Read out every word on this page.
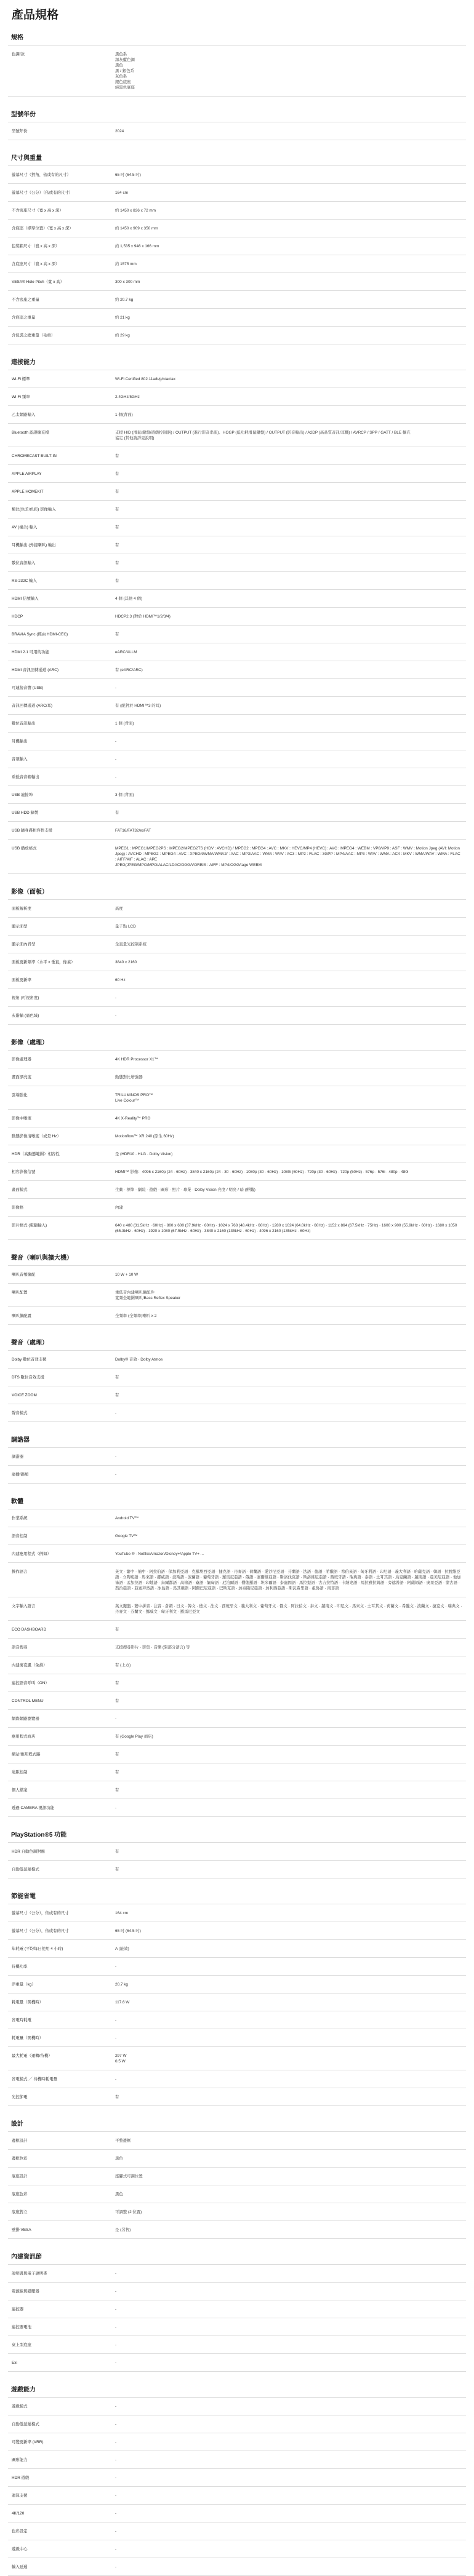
產品規格
規格
色調/款	黑色系
深灰藍色調
黑色
黑 / 銀色系
灰色系
銀色底座
純黑色底座
型號年份
型號年份	2024
尺寸與重量
螢幕尺寸（對角，依或有的尺寸）	65 吋 (64.5 吋)

螢幕尺寸（公分）（依或有的尺寸）	164 cm

不含底座尺寸（寬 x 高 x 深）	約 1450 x 836 x 72 mm

含底座（標準位置）（寬 x 高 x 深）	約 1450 x 909 x 350 mm

包裝箱尺寸（寬 x 高 x 深）	約 1,535 x 946 x 166 mm

含底座尺寸（寬 x 高 x 深）	約 1575 mm

VESA® Hole Pitch（寬 x 高）	300 x 300 mm

不含底座之重量	約 20.7 kg

含底座之重量	約 21 kg

含包裝之總重量（毛重）	約 29 kg
連接能力
Wi-Fi 標準	Wi-Fi Certified 802.11a/b/g/n/ac/ax

Wi-Fi 頻率	2.4GHz/5GHz

乙太網路輸入	1 個(背面)

Bluetooth 認證擴充檔	支援 HID (滑鼠/鍵盤/遊戲控制器) / OUTPUT (進行影音串流)、HOGP (低功耗滑鼠鍵盤) / OUTPUT (影音輸出) / A2DP (高品質音訊/耳機) / AVRCP / SPP / GATT / BLE 擴充
協定 (其他請詳見說明)

CHROMECAST BUILT-IN	有

APPLE AIRPLAY	有

APPLE HOMEKIT	有

類比(色差/色彩) 影像輸入	有

AV (複合) 輸入	有

耳機輸出 (外接喇叭) 輸出	有

數位音訊輸入	有

RS-232C 輸入	有

HDMI 信號輸入	4 個 (其他 4 個)

HDCP	HDCP2.3 (對於 HDMI™1/2/3/4)

BRAVIA Sync (經由 HDMI-CEC)	有

HDMI 2.1 可用的功能	eARC/ALLM

HDMI 音訊回傳通道 (ARC)	有 (eARC/ARC)

可連接音響 (USB)	-

音訊回傳通道 (ARC/耳)	有 (配對於 HDMI™3 的耳)

數位音訊輸出	1 個 (背面)

耳機輸出	-

音頻輸入	-

重低音音箱輸出	-

USB 連接埠	3 個 (背面)

USB HDD 錄製	有

USB 隨身碟相容性支援	FAT16/FAT32/exFAT

USB 播放格式	MPEG1 : MPEG1/MPEG2PS : MPEG2/MPEG2TS (HDV : AVCHD) / MPEG2 : MPEG4 : AVC : MKV : HEVC/MP4 (HEVC) : AVC : MPEG4 : WEBM : VP8/VP9 : ASF : WMV : Motion Jpeg (AVI: Motion Jpeg) : AVCHD : MPEG2 : MPEG4 : AVC : XPEG4/WMA/WMA2/ : AAC : MP3/AAC : WMA : WAV : AC3 : MP2 : FLAC : 3GPP : MP4/AAC : MP3 : WAV : WMA : AC4 : MKV : WMA/WAV : WMA : FLAC : AIFF/AIF : ALAC : APE
JPEG(JPEG/MPO/MPO/ALAC/LDAC/OGG/VORBIS : AIFF : MP4/OGG/tage WEBM
影像（面板）
面板解析度	高度

顯示面型	量子點 LCD

顯示面內背型	全直量光控制系統

面板更新頻率（水平 x 垂直，像素）	3840 x 2160

面板更新率	60 Hz

視角 (可視角度)	-

灰階輸 (廣色域)	-
影像（處理）
影像處理器	4K HDR Processor X1™

畫面漂亮度	動態對比增強器

雲端強化	TRILUMINOS PRO™
Live Colour™

影像中晰度	4K X-Reality™ PRO

動態影像清晰度（或是 Hz）	Motionflow™ XR 240 (原生 60Hz)

HDR（高動態範圍）相容性	是 (HDR10 · HLG · Dolby Vision)

相容影像信號	HDMI™ 影像：4096 x 2160p (24 · 60Hz) · 3840 x 2160p (24 · 30 · 60Hz) · 1080p (30 · 60Hz) · 1080i (60Hz) · 720p (30 · 60Hz) · 720p (50Hz) · 576p · 576i · 480p · 480i

畫面模式	生動 · 標準 · 劇院 · 遊戲 · 圖形 · 照片 · 專業 · Dolby Vision 亮度 / 明亮 / 暗 (鮮豔)

影像格	內建

影片格式 (電腦輸入)	640 x 480 (31.5kHz · 60Hz) · 800 x 600 (37.9kHz · 60Hz) · 1024 x 768 (48.4kHz · 60Hz) · 1280 x 1024 (64.0kHz · 60Hz) · 1152 x 864 (67.5kHz · 75Hz) · 1600 x 900 (55.9kHz · 60Hz) · 1680 x 1050 (65.3kHz · 60Hz) · 1920 x 1080 (67.5kHz · 60Hz) · 3840 x 2160 (135kHz · 60Hz) · 4096 x 2160 (135kHz · 60Hz)
聲音（喇叭與擴大機）
喇叭音頻擴配	10 W + 10 W

喇叭配置	重低音內建喇叭擴配件
寬頻全範圍喇叭/Bass Reflex Speaker

喇叭擴配置	全頻率 (全頻率)喇叭 x 2
聲音（處理）
Dolby 數位音效支援	Dolby® 音效 · Dolby Atmos

DTS 數位音效支援	有

VOICE ZOOM	有

聲音模式	-
調諧器
調諧器	-

廣播/碼頻	-
軟體
作業系統	Android TV™

語音控制	Google TV™

內建應用程式（例如）	YouTube ® · Netflix/Amazon/Disney+/Apple TV+ ...

操作語言	英文 · 繁中 · 簡中 · 阿拉伯語 · 保加利亞語 · 克羅埃西亞語 · 捷克語 · 丹麥語 · 荷蘭語 · 愛沙尼亞語 · 芬蘭語 · 法語 · 德語 · 希臘語 · 希伯來語 · 匈牙利語 · 印尼語 · 義大利語 · 哈薩克語 · 韓語 · 拉脫維亞語 · 立陶宛語 · 馬來語 · 挪威語 · 波斯語 · 波蘭語 · 葡萄牙語 · 羅馬尼亞語 · 俄語 · 塞爾維亞語 · 斯洛伐克語 · 斯洛維尼亞語 · 西班牙語 · 瑞典語 · 泰語 · 土耳其語 · 烏克蘭語 · 越南語 · 亞美尼亞語 · 他加祿語 · 孟加拉語 · 印地語 · 烏爾都語 · 高棉語 · 寮語 · 緬甸語 · 尼泊爾語 · 僧伽羅語 · 坦米爾語 · 泰盧固語 · 馬拉提語 · 古吉拉特語 · 卡納達語 · 馬拉雅拉姆語 · 旁遮普語 · 阿薩姆語 · 奧里亞語 · 蒙古語 · 喬治亞語 · 亞塞拜然語 · 冰島語 · 馬其頓語 · 阿爾巴尼亞語 · 巴斯克語 · 加泰隆尼亞語 · 加利西亞語 · 斯瓦希里語 · 祖魯語 · 南非語

文字輸入語言	英文鍵盤 · 繁中拼音 · 注音 · 倉頡 · 日文 · 韓文 · 德文 · 法文 · 西班牙文 · 義大利文 · 葡萄牙文 · 俄文 · 阿拉伯文 · 泰文 · 越南文 · 印尼文 · 馬來文 · 土耳其文 · 荷蘭文 · 希臘文 · 波蘭文 · 捷克文 · 瑞典文 · 丹麥文 · 芬蘭文 · 挪威文 · 匈牙利文 · 羅馬尼亞文

ECO DASHBOARD	有

語音搜尋	支援搜尋影片 · 影集 · 音樂 (限部分語言) 等

內建麥克風（免持）	有 (上方)

遙控語音呼叫（ON）	有

CONTROL MENU	有

網際網路瀏覽器	-

應用程式商店	有 (Google Play 商店)

網站/應用程式路	有

遠距控制	有

個人檔案	有

透過 CAMERA 視訊功能	-
PlayStation®5 功能
HDR 自動色調對應	有

自動低延遲模式	有
節能省電
螢幕尺寸（公分），依或有的尺寸	164 cm

螢幕尺寸（公分），依或有的尺寸	65 吋 (64.5 吋)

年耗電 (平均每日使用 4 小時)	A (能效)

待機功率	-

淨重量（kg）	20.7 kg

耗電量（開機時）	117.6 W

省電時耗電	-

耗電量（開機時）	-

最大耗電（運轉/待機）	297 W
0.5 W

省電模式 ／ 待機時耗電量	-

光控節電	有
設計
邊框設計	平整邊框

邊框色彩	黑色

底座設計	座腳式可調位置

底座色彩	黑色

底座對立	可調整 (2 位置)

壁掛 VESA	是 (另售)
內建資訊節
說明書與電子說明書	-

電源線與變壓器	-

遙控器	-

遙控器電池	-

桌上型底座	-

Exi	-
遊戲能力
遊戲模式	-

自動低延遲模式	-

可變更新率 (VRR)	-

圖形能力	-

HDR 遊戲	-

運算支援	-

4K/120	-

色彩設定	-

遊戲中心	-

輸入延遲	-
